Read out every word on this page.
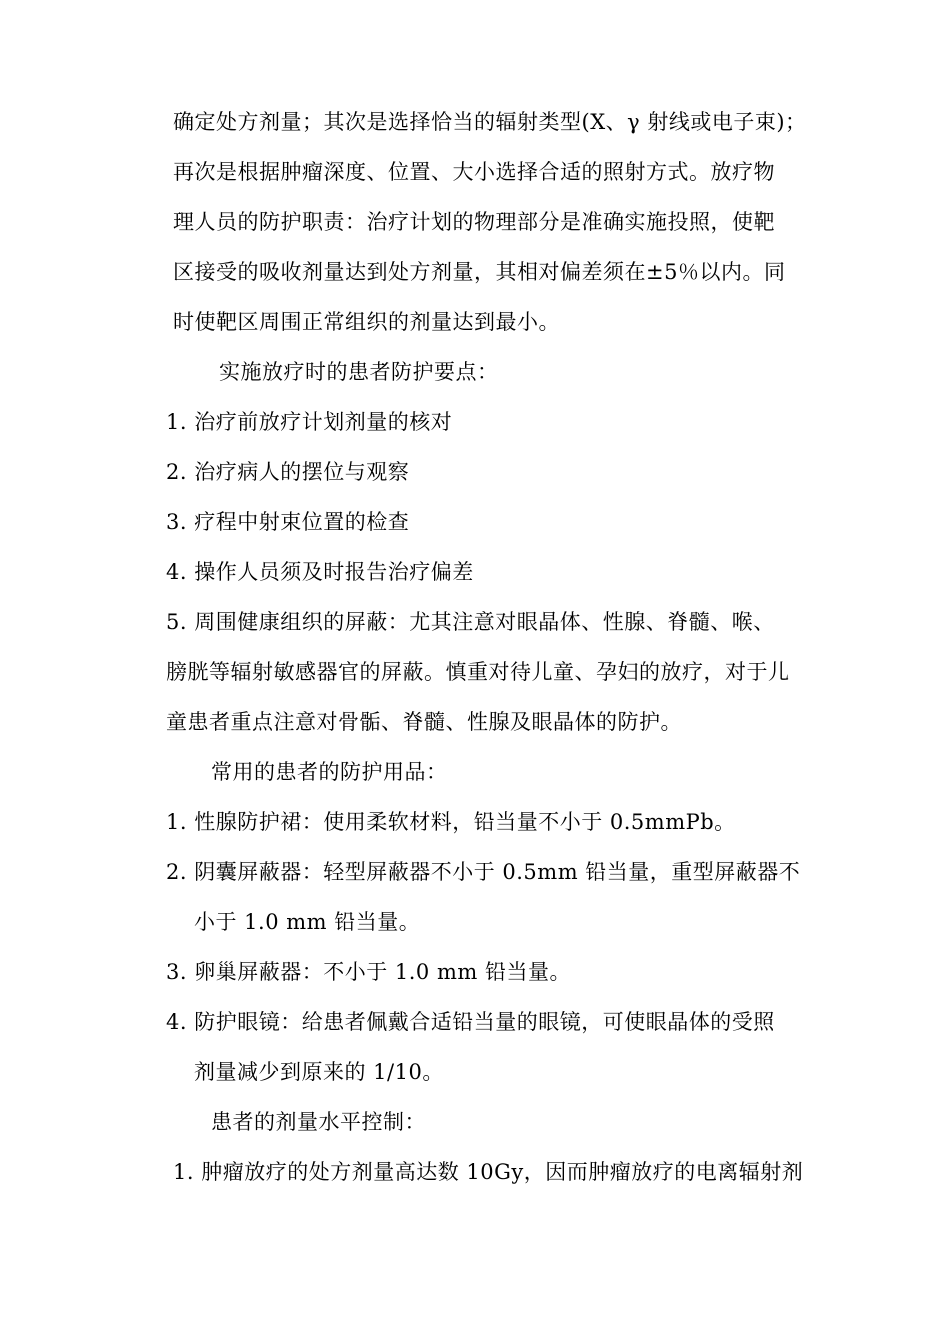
确定处方剂量；其次是选择恰当的辐射类型(X、γ 射线或电子束)；
再次是根据肿瘤深度、位置、大小选择合适的照射方式。放疗物
理人员的防护职责：治疗计划的物理部分是准确实施投照，使靶
区接受的吸收剂量达到处方剂量，其相对偏差须在±5％以内。同
时使靶区周围正常组织的剂量达到最小。
实施放疗时的患者防护要点：
1. 治疗前放疗计划剂量的核对
2. 治疗病人的摆位与观察
3. 疗程中射束位置的检查
4. 操作人员须及时报告治疗偏差
5. 周围健康组织的屏蔽：尤其注意对眼晶体、性腺、脊髓、喉、
膀胱等辐射敏感器官的屏蔽。慎重对待儿童、孕妇的放疗，对于儿
童患者重点注意对骨骺、脊髓、性腺及眼晶体的防护。
常用的患者的防护用品：
1. 性腺防护裙：使用柔软材料，铅当量不小于 0.5mmPb。
2. 阴囊屏蔽器：轻型屏蔽器不小于 0.5mm 铅当量，重型屏蔽器不
小于 1.0 mm 铅当量。
3. 卵巢屏蔽器：不小于 1.0 mm 铅当量。
4. 防护眼镜：给患者佩戴合适铅当量的眼镜，可使眼晶体的受照
剂量减少到原来的 1/10。
患者的剂量水平控制：
1. 肿瘤放疗的处方剂量高达数 10Gy，因而肿瘤放疗的电离辐射剂
